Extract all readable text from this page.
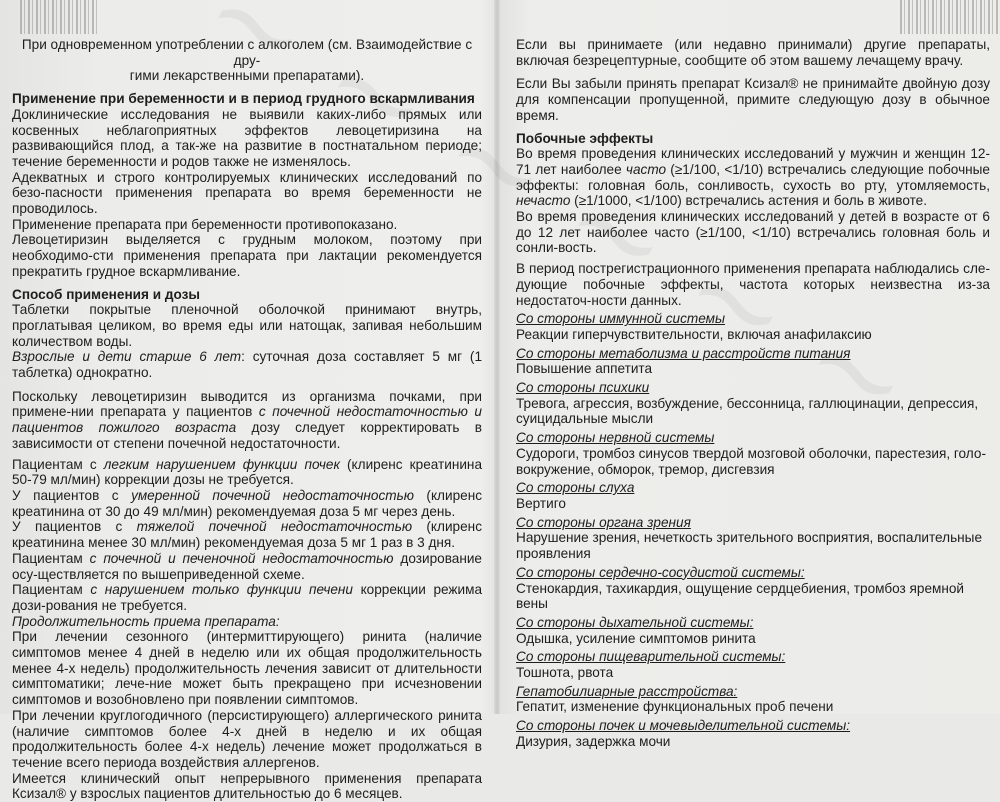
При одновременном употреблении с алкоголем (см. Взаимодействие с дру-
гими лекарственными препаратами).

Применение при беременности и в период грудного вскармливания

Доклинические исследования не выявили каких-либо прямых или косвенных неблагоприятных эффектов левоцетиризина на развивающийся плод, а так-же на развитие в постнатальном периоде; течение беременности и родов также не изменялось.

Адекватных и строго контролируемых клинических исследований по безо-пасности применения препарата во время беременности не проводилось.

Применение препарата при беременности противопоказано.

Левоцетиризин выделяется с грудным молоком, поэтому при необходимо-сти применения препарата при лактации рекомендуется прекратить грудное вскармливание.

Способ применения и дозы

Таблетки покрытые пленочной оболочкой принимают внутрь, проглатывая целиком, во время еды или натощак, запивая небольшим количеством воды.

Взрослые и дети старше 6 лет: суточная доза составляет 5 мг (1 таблетка) однократно.

Поскольку левоцетиризин выводится из организма почками, при примене-нии препарата у пациентов с почечной недостаточностью и пациентов пожилого возраста дозу следует корректировать в зависимости от степени почечной недостаточности.

Пациентам с легким нарушением функции почек (клиренс креатинина 50-79 мл/мин) коррекции дозы не требуется.

У пациентов с умеренной почечной недостаточностью (клиренс креатинина от 30 до 49 мл/мин) рекомендуемая доза 5 мг через день.

У пациентов с тяжелой почечной недостаточностью (клиренс креатинина менее 30 мл/мин) рекомендуемая доза 5 мг 1 раз в 3 дня.

Пациентам с почечной и печеночной недостаточностью дозирование осу-ществляется по вышеприведенной схеме.

Пациентам с нарушением только функции печени коррекции режима дози-рования не требуется.

Продолжительность приема препарата:

При лечении сезонного (интермиттирующего) ринита (наличие симптомов менее 4 дней в неделю или их общая продолжительность менее 4-х недель) продолжительность лечения зависит от длительности симптоматики; лече-ние может быть прекращено при исчезновении симптомов и возобновлено при появлении симптомов.

При лечении круглогодичного (персистирующего) аллергического ринита (наличие симптомов более 4-х дней в неделю и их общая продолжительность более 4-х недель) лечение может продолжаться в течение всего периода воздействия аллергенов.

Имеется клинический опыт непрерывного применения препарата Ксизал® у взрослых пациентов длительностью до 6 месяцев.

Если вы принимаете (или недавно принимали) другие препараты, включая безрецептурные, сообщите об этом вашему лечащему врачу.

Если Вы забыли принять препарат Ксизал® не принимайте двойную дозу для компенсации пропущенной, примите следующую дозу в обычное время.

Побочные эффекты

Во время проведения клинических исследований у мужчин и женщин 12-71 лет наиболее часто (≥1/100, <1/10) встречались следующие побочные эффекты: головная боль, сонливость, сухость во рту, утомляемость, нечасто (≥1/1000, <1/100) встречались астения и боль в животе.

Во время проведения клинических исследований у детей в возрасте от 6 до 12 лет наиболее часто (≥1/100, <1/10) встречались головная боль и сонли-вость.

В период пострегистрационного применения препарата наблюдались сле-дующие побочные эффекты, частота которых неизвестна из-за недостаточ-ности данных.

Со стороны иммунной системы

Реакции гиперчувствительности, включая анафилаксию

Со стороны метаболизма и расстройств питания

Повышение аппетита

Со стороны психики

Тревога, агрессия, возбуждение, бессонница, галлюцинации, депрессия, суицидальные мысли

Со стороны нервной системы

Судороги, тромбоз синусов твердой мозговой оболочки, парестезия, голо-вокружение, обморок, тремор, дисгевзия

Со стороны слуха

Вертиго

Со стороны органа зрения

Нарушение зрения, нечеткость зрительного восприятия, воспалительные проявления

Со стороны сердечно-сосудистой системы:

Стенокардия, тахикардия, ощущение сердцебиения, тромбоз яремной вены

Со стороны дыхательной системы:

Одышка, усиление симптомов ринита

Со стороны пищеварительной системы:

Тошнота, рвота

Гепатобилиарные расстройства:

Гепатит, изменение функциональных проб печени

Со стороны почек и мочевыделительной системы:

Дизурия, задержка мочи
